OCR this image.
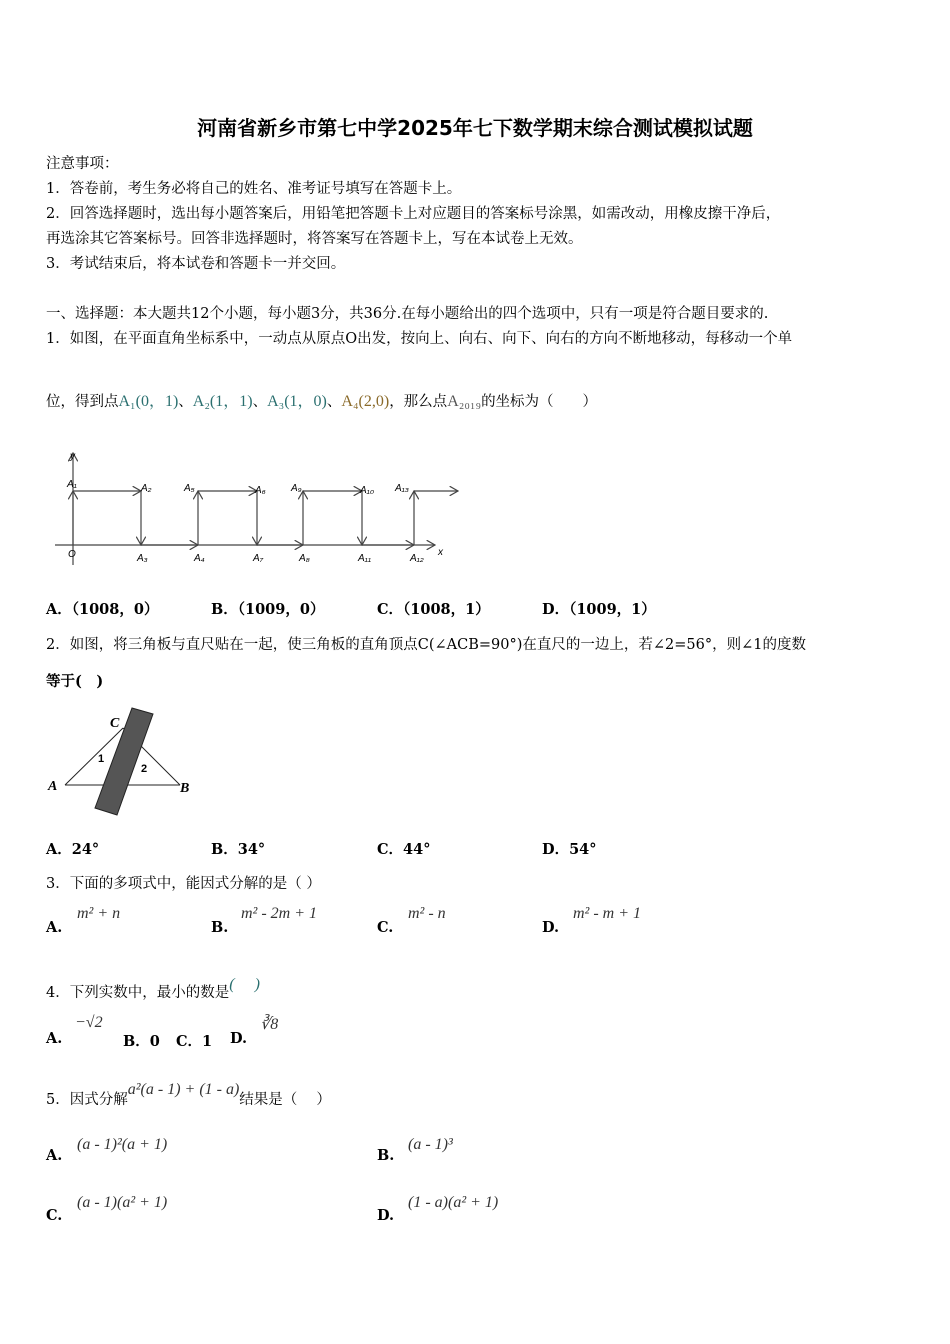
河南省新乡市第七中学2025年七下数学期末综合测试模拟试题
注意事项：
1．答卷前，考生务必将自己的姓名、准考证号填写在答题卡上。
2．回答选择题时，选出每小题答案后，用铅笔把答题卡上对应题目的答案标号涂黑，如需改动，用橡皮擦干净后，
再选涂其它答案标号。回答非选择题时，将答案写在答题卡上，写在本试卷上无效。
3．考试结束后，将本试卷和答题卡一并交回。
一、选择题：本大题共12个小题，每小题3分，共36分.在每小题给出的四个选项中，只有一项是符合题目要求的.
1．如图，在平面直角坐标系中，一动点从原点O出发，按向上、向右、向下、向右的方向不断地移动，每移动一个单
位，得到点A₁(0，1)、A₂(1，1)、A₃(1，0)、A₄(2,0)，那么点A₂₀₁₉的坐标为（　　）
y
x
O
A₁	A₂
A₃	A₄
A₅	A₆
A₇	A₈
A₉	A₁₀
A₁₁	A₁₂
A₁₃
A．（1008，0）	B．（1009，0）	C．（1008，1）	D．（1009，1）
2．如图，将三角板与直尺贴在一起，使三角板的直角顶点C(∠ACB=90°)在直尺的一边上，若∠2=56°，则∠1的度数
等于(　)
A	B
C
1
2
A．24°	B．34°	C．44°	D．54°
3．下面的多项式中，能因式分解的是（ ）
A.
m² + n
B.
m² - 2m + 1
C.
m² - n
D.
m² - m + 1
4．下列实数中，最小的数是(　 )
A.
−√2
B．0 C．1 D.
∛8
5．因式分解a²(a - 1) + (1 - a)结果是（　 ）
A.
(a - 1)²(a + 1)
B.
(a - 1)³
C.
(a - 1)(a² + 1)
D.
(1 - a)(a² + 1)
